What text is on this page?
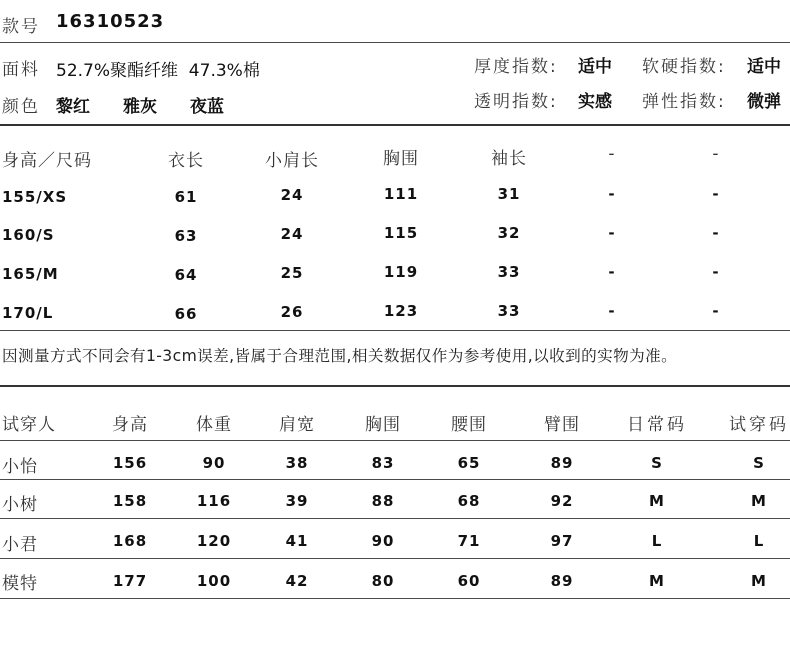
款号 16310523
面料 52.7%聚酯纤维  47.3%棉	厚度指数: 适中 软硬指数: 适中
颜色 黎红 雅灰 夜蓝	透明指数: 实感 弹性指数: 微弹
身高／尺码	衣长	小肩长	胸围	袖长	-	-
155/XS	61	24	111	31	-	-
160/S	63	24	115	32	-	-
165/M	64	25	119	33	-	-
170/L	66	26	123	33	-	-
因测量方式不同会有1-3cm误差,皆属于合理范围,相关数据仅作为参考使用,以收到的实物为准。
试穿人	身高	体重	肩宽	胸围	腰围	臂围	日常码 试穿码
小怡	156	90	38	83	65	89	S	S
小树	158	116	39	88	68	92	M	M
小君	168	120	41	90	71	97	L	L
模特	177	100	42	80	60	89	M	M
